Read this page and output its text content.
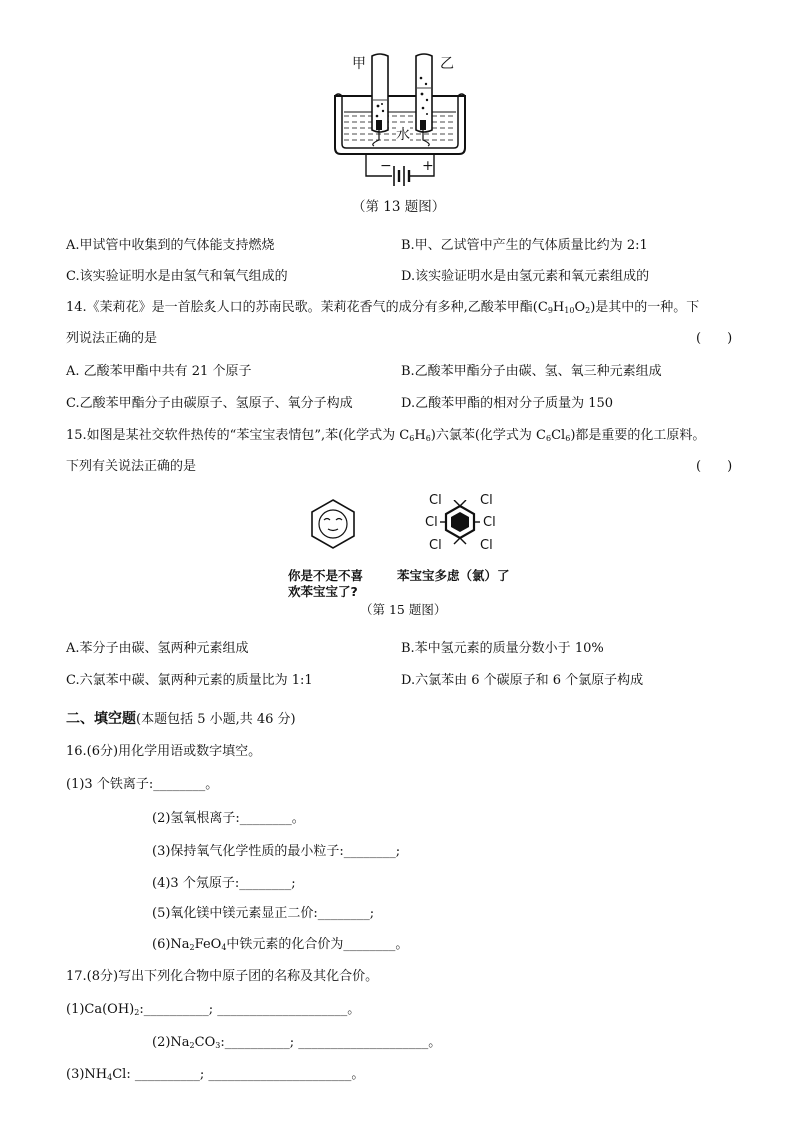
甲	乙
水
− +
（第 13 题图）
A.甲试管中收集到的气体能支持燃烧	B.甲、乙试管中产生的气体质量比约为 2:1
C.该实验证明水是由氢气和氧气组成的	D.该实验证明水是由氢元素和氧元素组成的
14.《茉莉花》是一首脍炙人口的苏南民歌。茉莉花香气的成分有多种,乙酸苯甲酯$(C_9H_{10}O_2)$是其中的一种。下
列说法正确的是	(　　)
A. 乙酸苯甲酯中共有 21 个原子	B.乙酸苯甲酯分子由碳、氢、氧三种元素组成
C.乙酸苯甲酯分子由碳原子、氢原子、氧分子构成	D.乙酸苯甲酯的相对分子质量为 150
15.如图是某社交软件热传的“苯宝宝表情包”,苯(化学式为 $C_6H_6$)六氯苯(化学式为 $C_6Cl_6$)都是重要的化工原料。
下列有关说法正确的是	(　　)
Cl	Cl
Cl	Cl
Cl	Cl
你是不是不喜
欢苯宝宝了?
苯宝宝多虑（氯）了
（第 15 题图）
A.苯分子由碳、氢两种元素组成	B.苯中氢元素的质量分数小于 10%
C.六氯苯中碳、氯两种元素的质量比为 1:1	D.六氯苯由 6 个碳原子和 6 个氯原子构成
二、填空题(本题包括 5 小题,共 46 分)
16.(6分)用化学用语或数字填空。
(1)3 个铁离子:________。
(2)氢氧根离子:________。
(3)保持氧气化学性质的最小粒子:________;
(4)3 个氖原子:________;
(5)氧化镁中镁元素显正二价:________;
$(6)Na_2FeO_4$中铁元素的化合价为________。
17.(8分)写出下列化合物中原子团的名称及其化合价。
$(1)Ca(OH)_2:\_\_\_\_\_\_\_\_\_\_$; ____________________。
$(2)Na_2CO_3:\_\_\_\_\_\_\_\_\_\_$; ____________________。
$(3)NH_4Cl$: __________; ______________________。
